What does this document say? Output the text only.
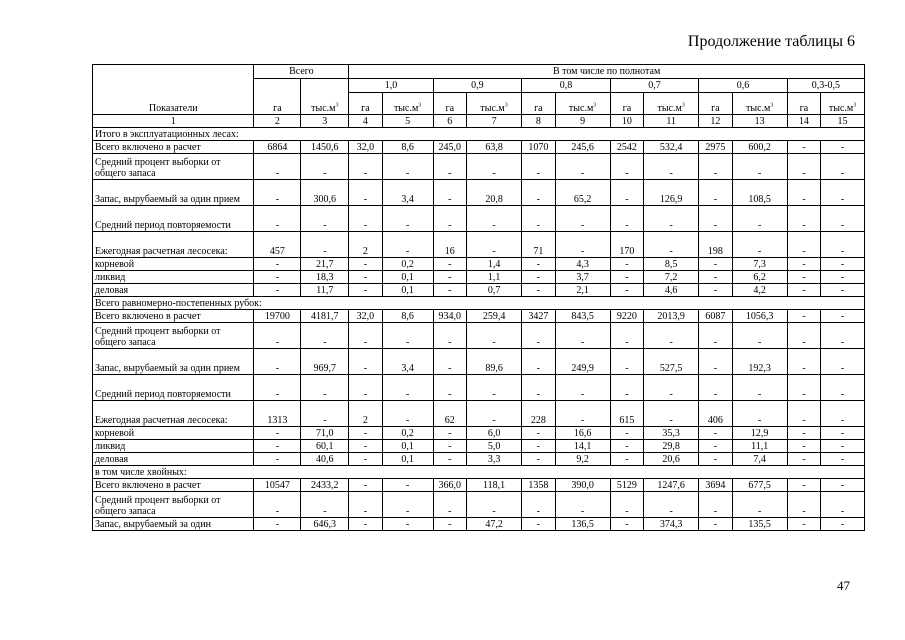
Продолжение таблицы 6
Показатели	Всего		В том числе по полнотам											
	га	$тыс.м^3$	1,0		0,9		0,8		0,7		0,6		0,3-0,5	
			га	$тыс.м^3$	га	$тыс.м^3$	га	$тыс.м^3$	га	$тыс.м^3$	га	$тыс.м^3$	га	$тыс.м^3$
1	2	3	4	5	6	7	8	9	10	11	12	13	14	15
Итого в эксплуатационных лесах:														
Всего включено в расчет	6864	1450,6	32,0	8,6	245,0	63,8	1070	245,6	2542	532,4	2975	600,2	-	-
Средний процент выборки от общего запаса	-	-	-	-	-	-	-	-	-	-	-	-	-	-
Запас, вырубаемый за один прием	-	300,6	-	3,4	-	20,8	-	65,2	-	126,9	-	108,5	-	-
Средний период повторяемости	-	-	-	-	-	-	-	-	-	-	-	-	-	-
Ежегодная расчетная лесосека:	457	-	2	-	16	-	71	-	170	-	198	-	-	-
корневой	-	21,7	-	0,2	-	1,4	-	4,3	-	8,5	-	7,3	-	-
ликвид	-	18,3	-	0,1	-	1,1	-	3,7	-	7,2	-	6,2	-	-
деловая	-	11,7	-	0,1	-	0,7	-	2,1	-	4,6	-	4,2	-	-
Всего равномерно-постепенных рубок:														
Всего включено в расчет	19700	4181,7	32,0	8,6	934,0	259,4	3427	843,5	9220	2013,9	6087	1056,3	-	-
Средний процент выборки от общего запаса	-	-	-	-	-	-	-	-	-	-	-	-	-	-
Запас, вырубаемый за один прием	-	969,7	-	3,4	-	89,6	-	249,9	-	527,5	-	192,3	-	-
Средний период повторяемости	-	-	-	-	-	-	-	-	-	-	-	-	-	-
Ежегодная расчетная лесосека:	1313	-	2	-	62	-	228	-	615	-	406	-	-	-
корневой	-	71,0	-	0,2	-	6,0	-	16,6	-	35,3	-	12,9	-	-
ликвид	-	60,1	-	0,1	-	5,0	-	14,1	-	29,8	-	11,1	-	-
деловая	-	40,6	-	0,1	-	3,3	-	9,2	-	20,6	-	7,4	-	-
в том числе хвойных:														
Всего включено в расчет	10547	2433,2	-	-	366,0	118,1	1358	390,0	5129	1247,6	3694	677,5	-	-
Средний процент выборки от общего запаса	-	-	-	-	-	-	-	-	-	-	-	-	-	-
Запас, вырубаемый за один	-	646,3	-	-	-	47,2	-	136,5	-	374,3	-	135,5	-	-
47
